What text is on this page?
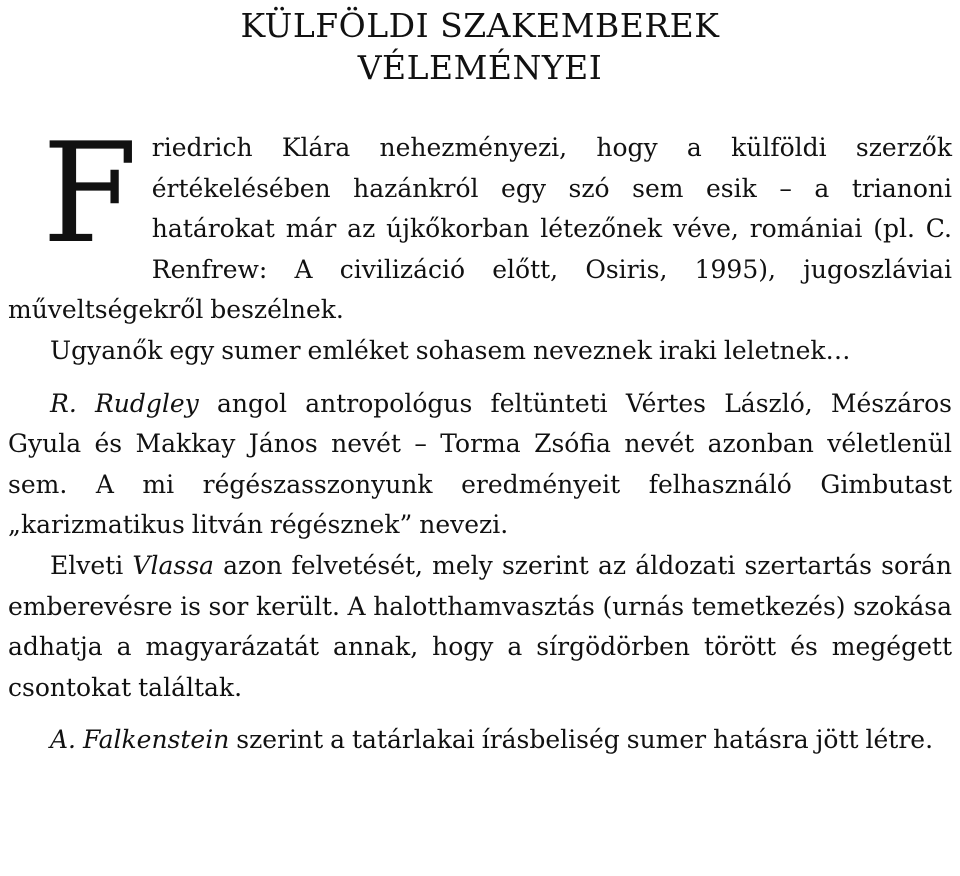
KÜLFÖLDI SZAKEMBEREK
VÉLEMÉNYEI

Friedrich Klára nehezményezi, hogy a külföldi szerzők értékelésében hazánkról egy szó sem esik – a trianoni határokat már az újkőkorban létezőnek véve, romániai (pl. C. Renfrew: A civilizáció előtt, Osiris, 1995), jugoszláviai műveltségekről beszélnek.

Ugyanők egy sumer emléket sohasem neveznek iraki leletnek…

R. Rudgley angol antropológus feltünteti Vértes László, Mészáros Gyula és Makkay János nevét – Torma Zsófia nevét azonban véletlenül sem. A mi régészasszonyunk eredményeit felhasználó Gimbutast „karizmatikus litván régésznek” nevezi.

Elveti Vlassa azon felvetését, mely szerint az áldozati szertartás során emberevésre is sor került. A halotthamvasztás (urnás temetkezés) szokása adhatja a magyarázatát annak, hogy a sírgödörben törött és megégett csontokat találtak.

A. Falkenstein szerint a tatárlakai írásbeliség sumer hatásra jött létre.
